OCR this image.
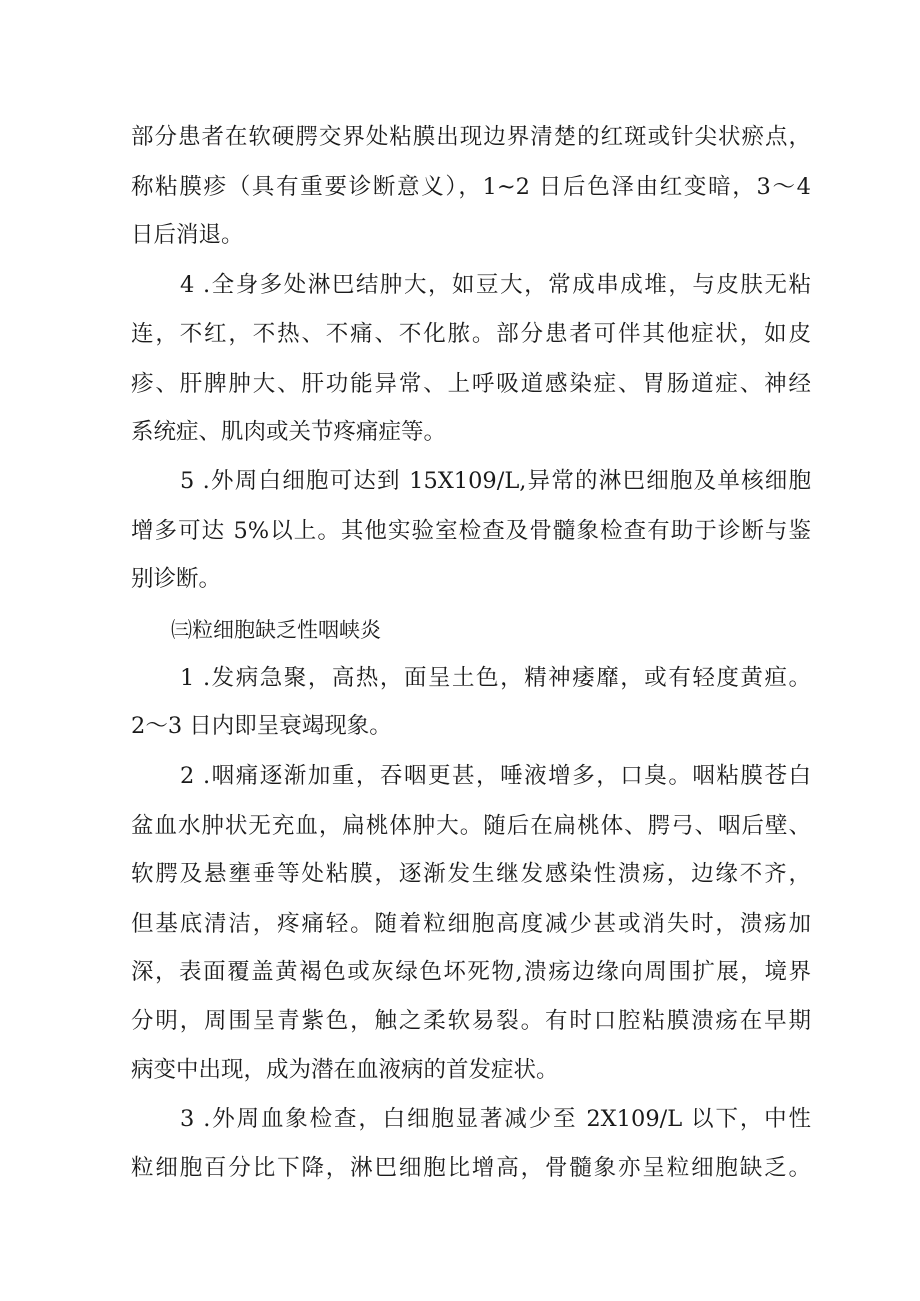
部分患者在软硬腭交界处粘膜出现边界清楚的红斑或针尖状瘀点，
称粘膜疹（具有重要诊断意义），1~2 日后色泽由红变暗，3～4
日后消退。
4 .全身多处淋巴结肿大，如豆大，常成串成堆，与皮肤无粘
连，不红，不热、不痛、不化脓。部分患者可伴其他症状，如皮
疹、肝脾肿大、肝功能异常、上呼吸道感染症、胃肠道症、神经
系统症、肌肉或关节疼痛症等。
5 .外周白细胞可达到 15X109/L,异常的淋巴细胞及单核细胞
增多可达 5%以上。其他实验室检查及骨髓象检查有助于诊断与鉴
别诊断。
㈢粒细胞缺乏性咽峡炎
1 .发病急聚，高热，面呈土色，精神痿靡，或有轻度黄疸。
2～3 日内即呈衰竭现象。
2 .咽痛逐渐加重，吞咽更甚，唾液增多，口臭。咽粘膜苍白
盆血水肿状无充血，扁桃体肿大。随后在扁桃体、腭弓、咽后壁、
软腭及悬壅垂等处粘膜，逐渐发生继发感染性溃疡，边缘不齐，
但基底清洁，疼痛轻。随着粒细胞高度减少甚或消失时，溃疡加
深，表面覆盖黄褐色或灰绿色坏死物,溃疡边缘向周围扩展，境界
分明，周围呈青紫色，触之柔软易裂。有时口腔粘膜溃疡在早期
病变中出现，成为潜在血液病的首发症状。
3 .外周血象检查，白细胞显著减少至 2X109/L 以下，中性
粒细胞百分比下降，淋巴细胞比增高，骨髓象亦呈粒细胞缺乏。
